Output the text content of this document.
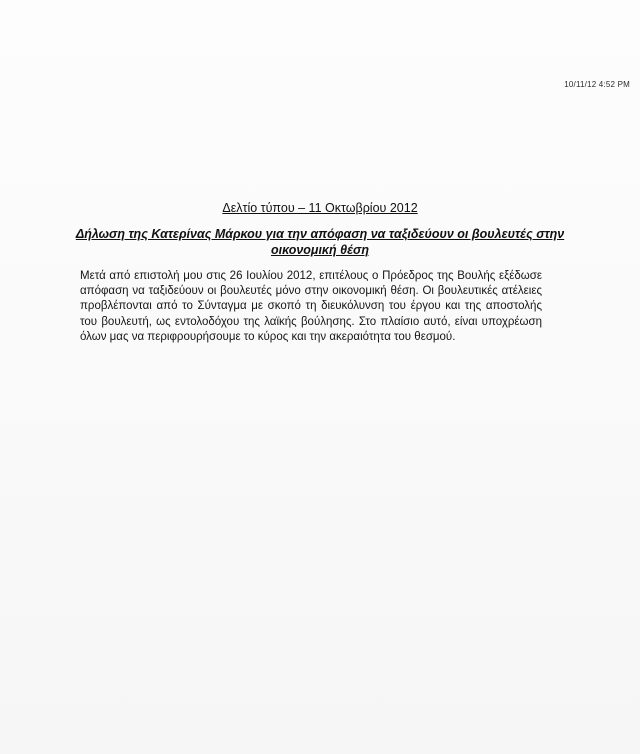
10/11/12 4:52 PM
Δελτίο τύπου – 11 Οκτωβρίου 2012
Δήλωση της Κατερίνας Μάρκου για την απόφαση να ταξιδεύουν οι βουλευτές στην οικονομική θέση
Μετά από επιστολή μου στις 26 Ιουλίου 2012, επιτέλους ο Πρόεδρος της Βουλής εξέδωσε απόφαση να ταξιδεύουν οι βουλευτές μόνο στην οικονομική θέση. Οι βουλευτικές ατέλειες προβλέπονται από το Σύνταγμα με σκοπό τη διευκόλυνση του έργου και της αποστολής του βουλευτή, ως εντολοδόχου της λαϊκής βούλησης. Στο πλαίσιο αυτό, είναι υποχρέωση όλων μας να περιφρουρήσουμε το κύρος και την ακεραιότητα του θεσμού.
